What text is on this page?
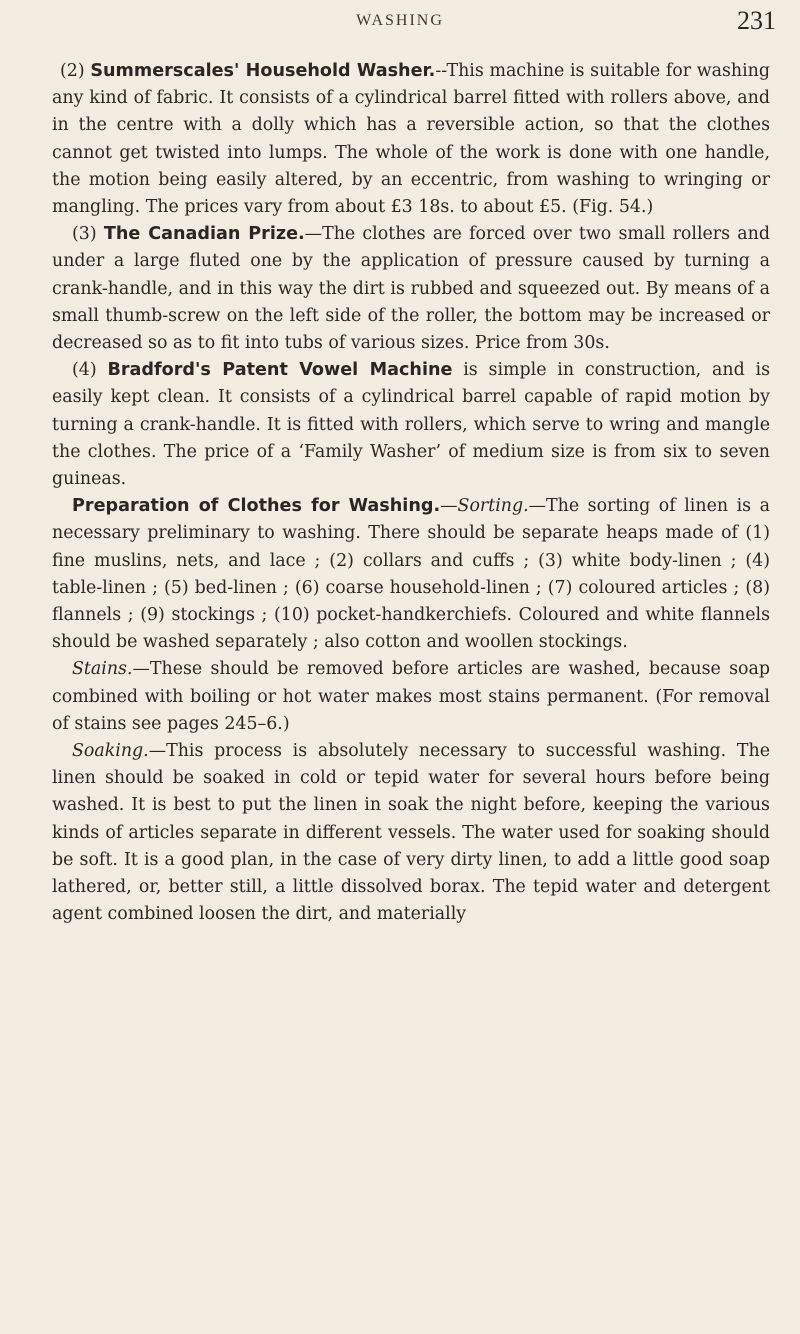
WASHING	231

(2) Summerscales' Household Washer.--This machine is suitable for washing any kind of fabric. It consists of a cylindrical barrel fitted with rollers above, and in the centre with a dolly which has a reversible action, so that the clothes cannot get twisted into lumps. The whole of the work is done with one handle, the motion being easily altered, by an eccentric, from washing to wringing or mangling. The prices vary from about £3 18s. to about £5. (Fig. 54.)

(3) The Canadian Prize.—The clothes are forced over two small rollers and under a large fluted one by the application of pressure caused by turning a crank-handle, and in this way the dirt is rubbed and squeezed out. By means of a small thumb-screw on the left side of the roller, the bottom may be increased or decreased so as to fit into tubs of various sizes. Price from 30s.

(4) Bradford's Patent Vowel Machine is simple in construction, and is easily kept clean. It consists of a cylindrical barrel capable of rapid motion by turning a crank-handle. It is fitted with rollers, which serve to wring and mangle the clothes. The price of a ‘Family Washer’ of medium size is from six to seven guineas.

Preparation of Clothes for Washing.—Sorting.—The sorting of linen is a necessary preliminary to washing. There should be separate heaps made of (1) fine muslins, nets, and lace ; (2) collars and cuffs ; (3) white body-linen ; (4) table-linen ; (5) bed-linen ; (6) coarse household-linen ; (7) coloured articles ; (8) flannels ; (9) stockings ; (10) pocket-handkerchiefs. Coloured and white flannels should be washed separately ; also cotton and woollen stockings.

Stains.—These should be removed before articles are washed, because soap combined with boiling or hot water makes most stains permanent. (For removal of stains see pages 245–6.)

Soaking.—This process is absolutely necessary to successful washing. The linen should be soaked in cold or tepid water for several hours before being washed. It is best to put the linen in soak the night before, keeping the various kinds of articles separate in different vessels. The water used for soaking should be soft. It is a good plan, in the case of very dirty linen, to add a little good soap lathered, or, better still, a little dissolved borax. The tepid water and detergent agent combined loosen the dirt, and materially
